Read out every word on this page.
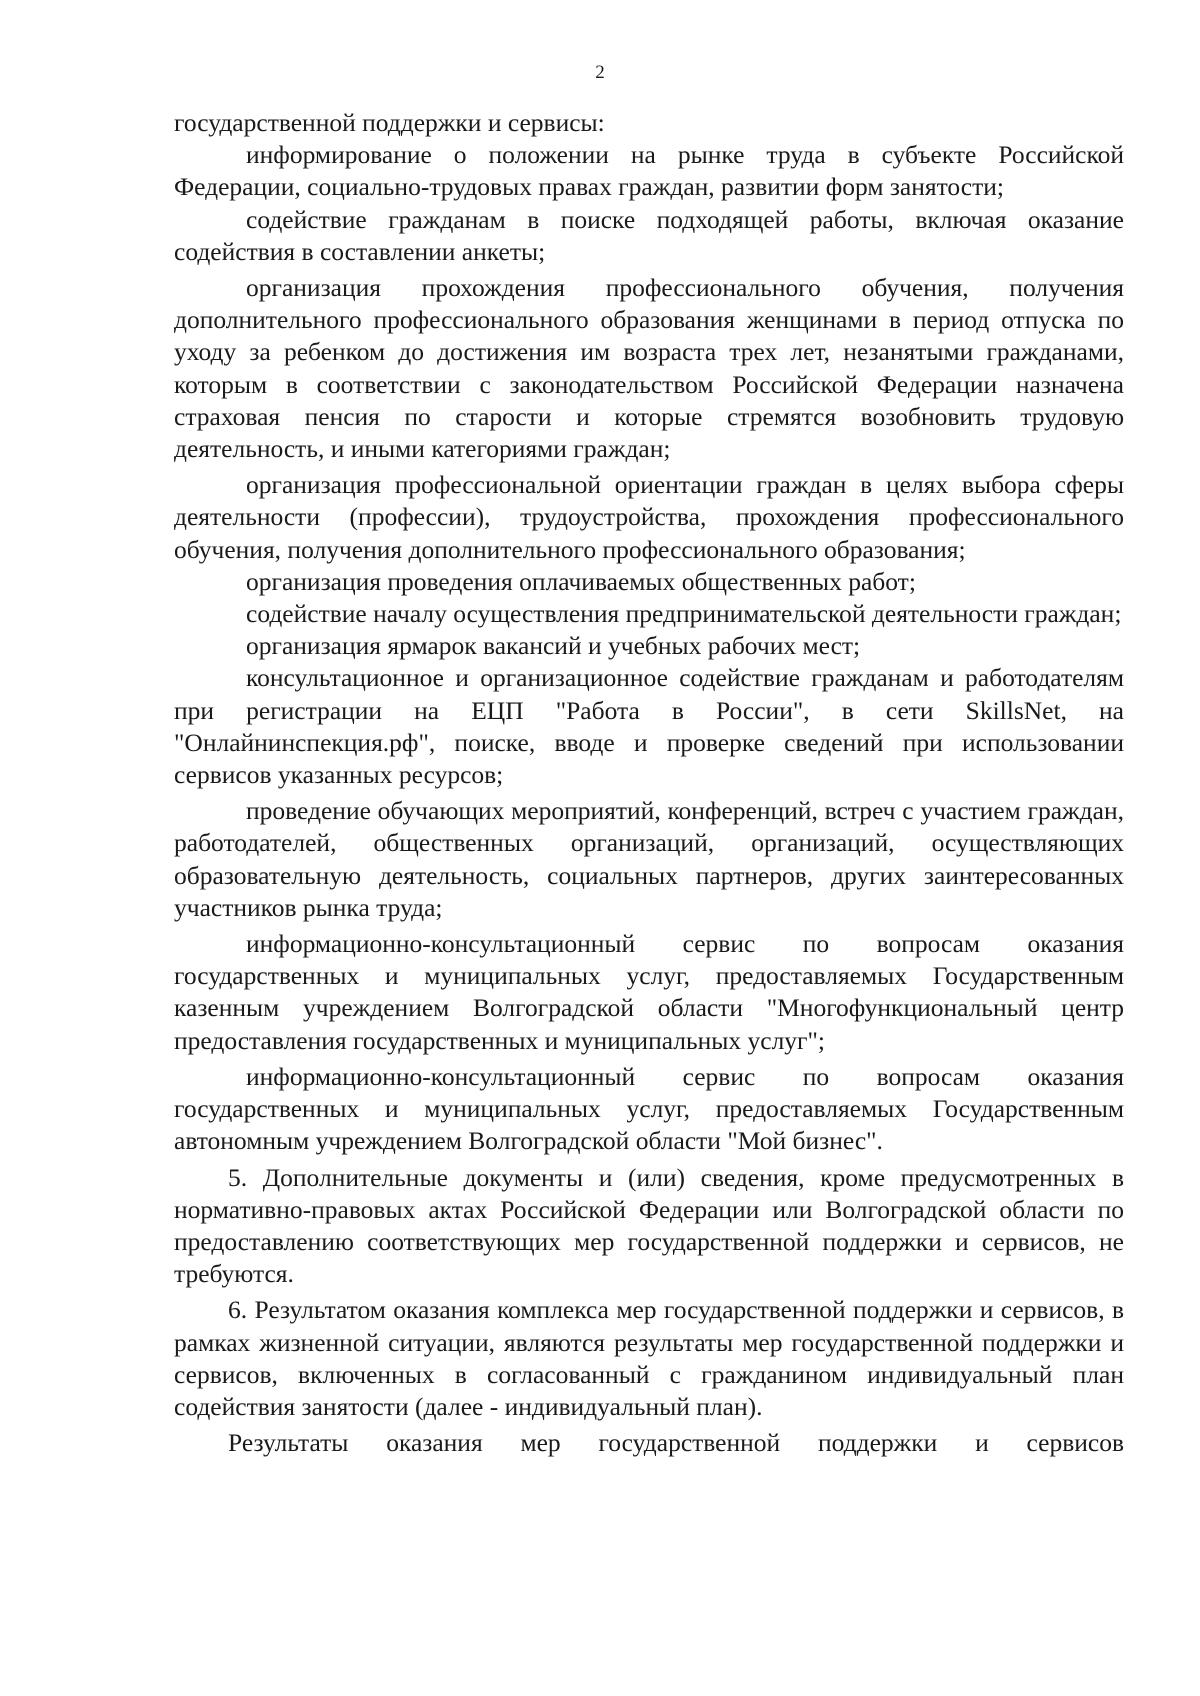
2

государственной поддержки и сервисы:

информирование о положении на рынке труда в субъекте Российской Федерации, социально-трудовых правах граждан, развитии форм занятости;

содействие гражданам в поиске подходящей работы, включая оказание содействия в составлении анкеты;

организация прохождения профессионального обучения, получения дополнительного профессионального образования женщинами в период отпуска по уходу за ребенком до достижения им возраста трех лет, незанятыми гражданами, которым в соответствии с законодательством Российской Федерации назначена страховая пенсия по старости и которые стремятся возобновить трудовую деятельность, и иными категориями граждан;

организация профессиональной ориентации граждан в целях выбора сферы деятельности (профессии), трудоустройства, прохождения профессионального обучения, получения дополнительного профессионального образования;

организация проведения оплачиваемых общественных работ;

содействие началу осуществления предпринимательской деятельности граждан;

организация ярмарок вакансий и учебных рабочих мест;

консультационное и организационное содействие гражданам и работодателям при регистрации на ЕЦП "Работа в России", в сети SkillsNet, на "Онлайнинспекция.рф", поиске, вводе и проверке сведений при использовании сервисов указанных ресурсов;

проведение обучающих мероприятий, конференций, встреч с участием граждан, работодателей, общественных организаций, организаций, осуществляющих образовательную деятельность, социальных партнеров, других заинтересованных участников рынка труда;

информационно-консультационный сервис по вопросам оказания государственных и муниципальных услуг, предоставляемых Государственным казенным учреждением Волгоградской области "Многофункциональный центр предоставления государственных и муниципальных услуг";

информационно-консультационный сервис по вопросам оказания государственных и муниципальных услуг, предоставляемых Государственным автономным учреждением Волгоградской области "Мой бизнес".

5. Дополнительные документы и (или) сведения, кроме предусмотренных в нормативно-правовых актах Российской Федерации или Волгоградской области по предоставлению соответствующих мер государственной поддержки и сервисов, не требуются.

6. Результатом оказания комплекса мер государственной поддержки и сервисов, в рамках жизненной ситуации, являются результаты мер государственной поддержки и сервисов, включенных в согласованный с гражданином индивидуальный план содействия занятости (далее - индивидуальный план).

Результаты оказания мер государственной поддержки и сервисов
